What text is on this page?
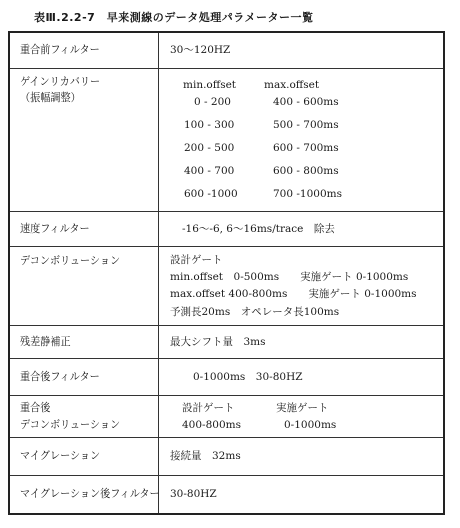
表Ⅲ.2.2-7　早来測線のデータ処理パラメーター一覧
重合前フィルター	30〜120HZ
ゲインリカバリー
（振幅調整）
min.offset	max.offset
0 - 200	400 - 600ms
100 - 300	500 - 700ms
200 - 500	600 - 700ms
400 - 700	600 - 800ms
600 -1000	700 -1000ms
速度フィルター	-16〜-6, 6〜16ms/trace　除去
デコンボリューション	設計ゲート
min.offset　0-500ms　　実施ゲート 0-1000ms
max.offset 400-800ms　　実施ゲート 0-1000ms
予測長20ms　オペレータ長100ms
残差静補正	最大シフト量　3ms
重合後フィルター	0-1000ms　30-80HZ
重合後
デコンボリューション
設計ゲート	実施ゲート
400-800ms	0-1000ms
マイグレーション	接続量　32ms
マイグレーション後フィルター 30-80HZ
